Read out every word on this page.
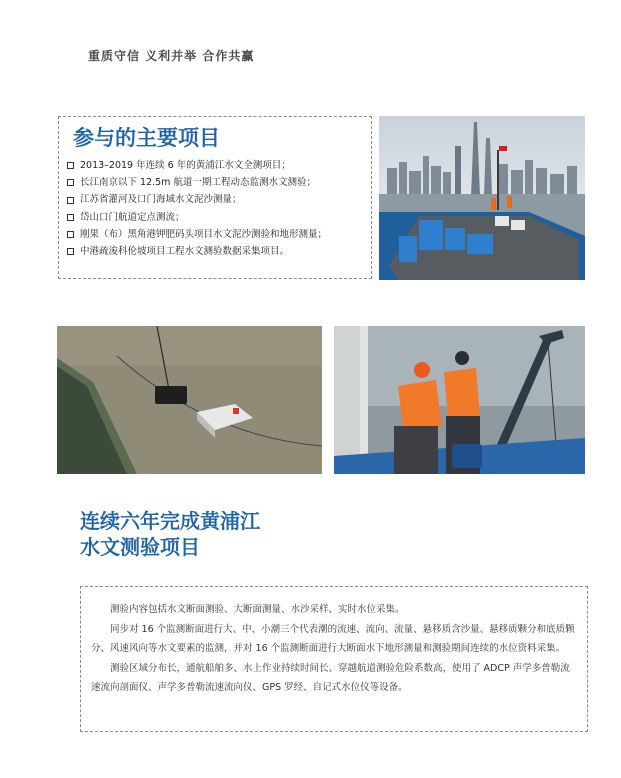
重质守信 义利并举 合作共赢
参与的主要项目
2013–2019 年连续 6 年的黄浦江水文全测项目；
长江南京以下 12.5m 航道一期工程动态监测水文测验；
江苏省灌河及口门海域水文泥沙测量；
岱山口门航道定点测流；
刚果（布）黑角港钾肥码头项目水文泥沙测验和地形测量；
中港疏浚科伦坡项目工程水文测验数据采集项目。
连续六年完成黄浦江
水文测验项目

测验内容包括水文断面测验、大断面测量、水沙采样、实时水位采集。

同步对 16 个监测断面进行大、中、小潮三个代表潮的流速、流向、流量、悬移质含沙量、悬移质颗分和底质颗分、风速风向等水文要素的监测，并对 16 个监测断面进行大断面水下地形测量和测验期间连续的水位资料采集。

测验区域分布长，通航船舶多、水上作业持续时间长、穿越航道测验危险系数高，使用了 ADCP 声学多普勒流速流向剖面仪、声学多普勒流速流向仪、GPS 罗经、自记式水位仪等设备。
